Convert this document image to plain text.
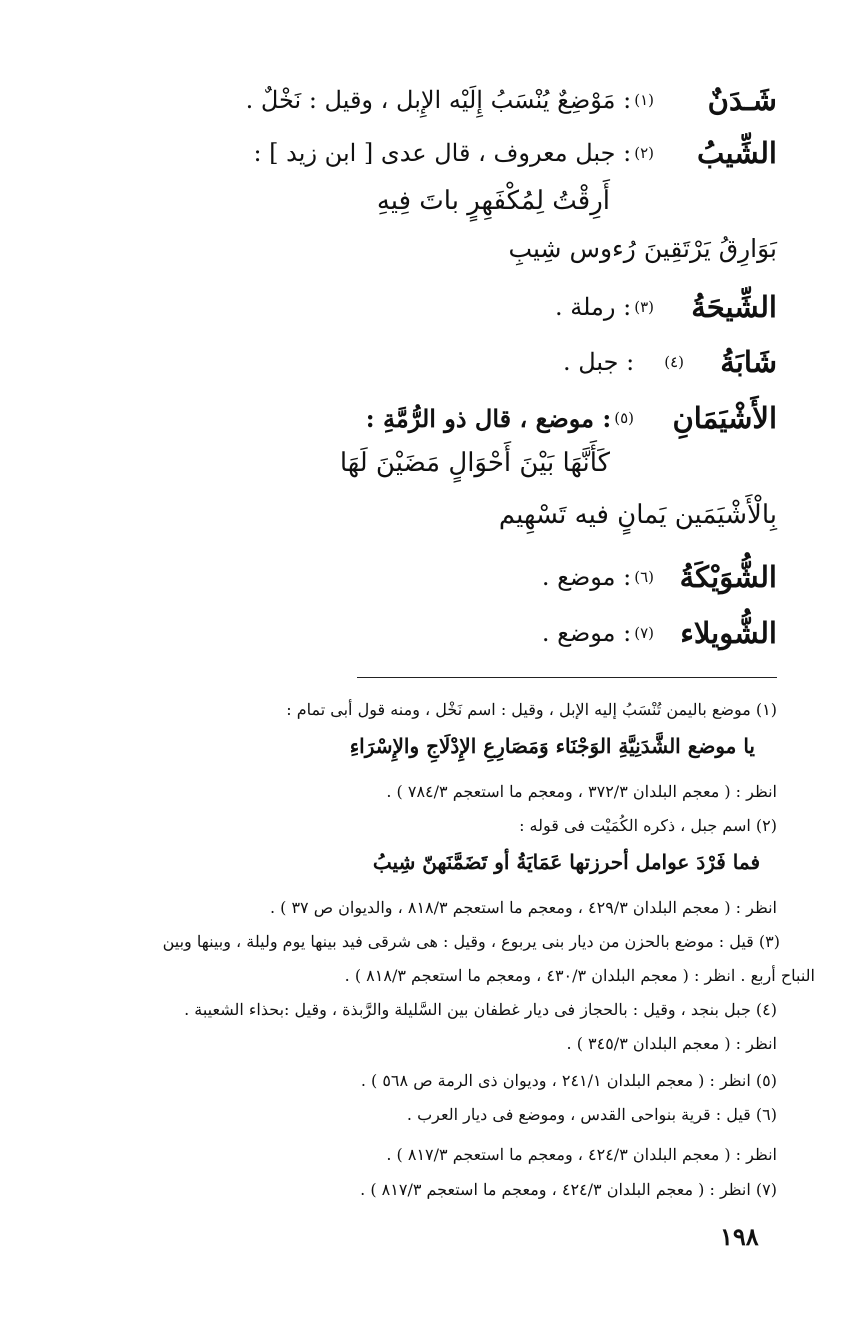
شَـدَنٌ
(١)
: مَوْضِعٌ يُنْسَبُ إِلَيْه الإِبل ، وقيل : نَخْلٌ .
الشِّيبُ
(٢)
: جبل معروف ، قال عدى [ ابن زيد ] :
أَرِقْتُ لِمُكْفَهِرٍ باتَ فِيهِ
بَوَارِقُ يَرْتَقِينَ رُءوس شِيبِ
الشِّيحَةُ
(٣)
: رملة .
شَابَةُ
(٤)
: جبل .
الأَشْيَمَانِ
(٥)
: موضع ، قال ذو الرُّمَّةِ :
كَأَنَّهَا بَيْنَ أَحْوَالٍ مَضَيْنَ لَهَا
بِالْأَشْيَمَين يَمانٍ فيه تَسْهِيم
الشُّوَيْكَةُ
(٦)
: موضع .
الشُّويلاء
(٧)
: موضع .
(١) موضع باليمن تُنْسَبُ إليه الإبل ، وقيل : اسم نَخْل ، ومنه قول أبى تمام :
يا موضع الشَّدَنِيَّةِ الوَجْنَاء وَمَصَارِعِ الإِدْلَاجِ والإِسْرَاءِ
انظر : ( معجم البلدان ٣٧٢/٣ ، ومعجم ما استعجم ٧٨٤/٣ ) .
(٢) اسم جبل ، ذكره الكُمَيْت فى قوله :
فما فَرْدَ عوامل أحرزتها عَمَايَةُ أو تَضَمَّنَهنّ شِيبُ
انظر : ( معجم البلدان ٤٢٩/٣ ، ومعجم ما استعجم ٨١٨/٣ ، والديوان ص ٣٧ ) .
(٣) قيل : موضع بالحزن من ديار بنى يربوع ، وقيل : هى شرقى فيد بينها يوم وليلة ، وبينها وبين
النباح أربع . انظر : ( معجم البلدان ٤٣٠/٣ ، ومعجم ما استعجم ٨١٨/٣ ) .
(٤) جبل بنجد ، وقيل : بالحجاز فى ديار غطفان بين السَّليلة والرَّبذة ، وقيل :بحذاء الشعيبة .
انظر : ( معجم البلدان ٣٤٥/٣ ) .
(٥) انظر : ( معجم البلدان ٢٤١/١ ، وديوان ذى الرمة ص ٥٦٨ ) .
(٦) قيل : قرية بنواحى القدس ، وموضع فى ديار العرب .
انظر : ( معجم البلدان ٤٢٤/٣ ، ومعجم ما استعجم ٨١٧/٣ ) .
(٧) انظر : ( معجم البلدان ٤٢٤/٣ ، ومعجم ما استعجم ٨١٧/٣ ) .
١٩٨
